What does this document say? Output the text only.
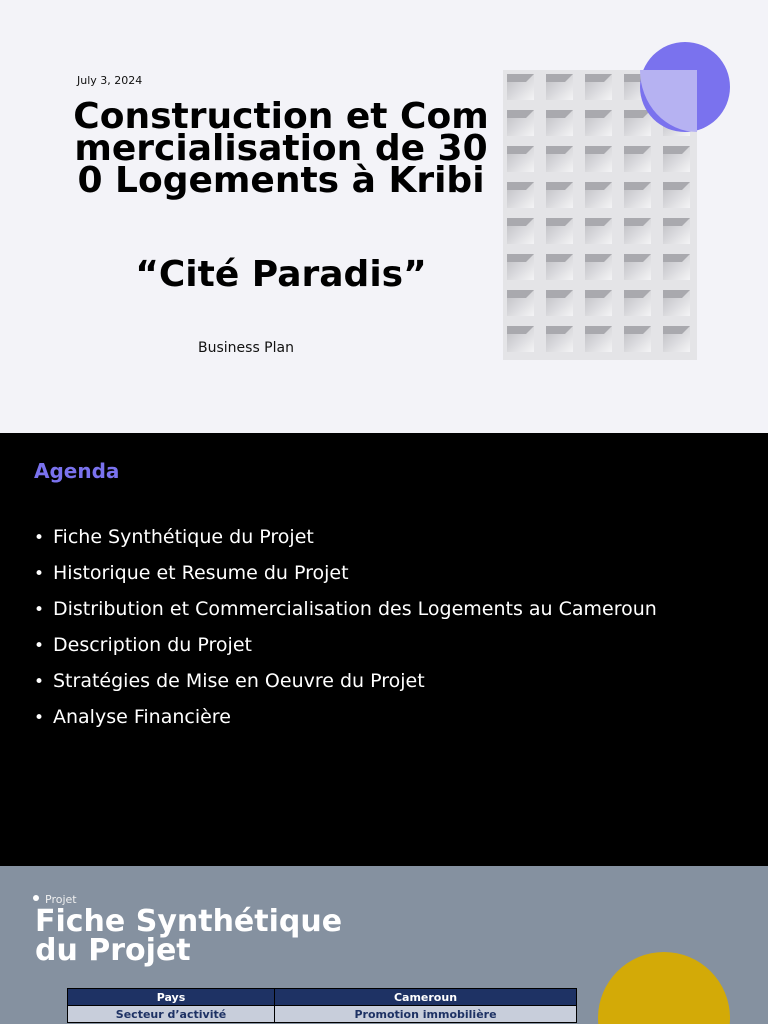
July 3, 2024
Construction et Commercialisation de 300 Logements à Kribi
“Cité Paradis”
Business Plan
Agenda
• Fiche Synthétique du Projet
• Historique et Resume du Projet
• Distribution et Commercialisation des Logements au Cameroun
• Description du Projet
• Stratégies de Mise en Oeuvre du Projet
• Analyse Financière
Projet
Fiche Synthétique
du Projet
Pays	Cameroun
Secteur d’activité	Promotion immobilière
